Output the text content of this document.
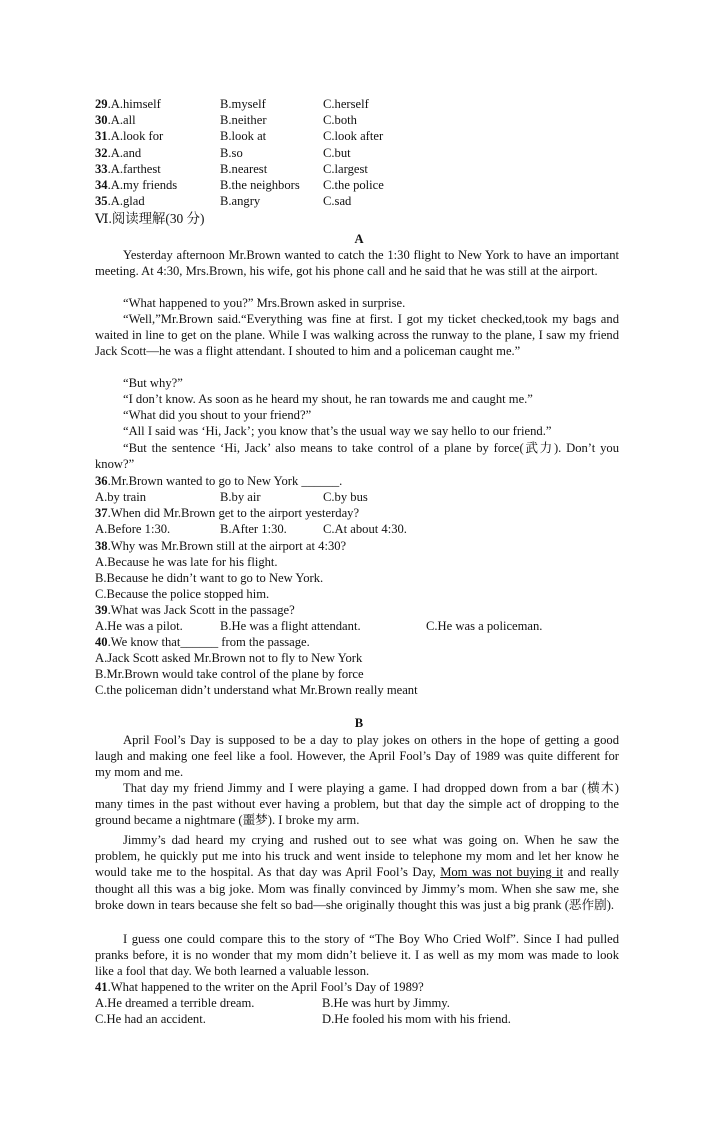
29.A.himself	B.myself	C.herself
30.A.all	B.neither	C.both
31.A.look for	B.look at	C.look after
32.A.and	B.so	C.but
33.A.farthest	B.nearest	C.largest
34.A.my friends	B.the neighbors C.the police
35.A.glad	B.angry	C.sad
Ⅵ.阅读理解(30 分)
A
Yesterday afternoon Mr.Brown wanted to catch the 1:30 flight to New York to have an important meeting. At 4:30, Mrs.Brown, his wife, got his phone call and he said that he was still at the airport.
“What happened to you?” Mrs.Brown asked in surprise.
“Well,”Mr.Brown said.“Everything was fine at first. I got my ticket checked,took my bags and waited in line to get on the plane. While I was walking across the runway to the plane, I saw my friend Jack Scott—he was a flight attendant. I shouted to him and a policeman caught me.”
“But why?”
“I don’t know. As soon as he heard my shout, he ran towards me and caught me.”
“What did you shout to your friend?”
“All I said was ‘Hi, Jack’; you know that’s the usual way we say hello to our friend.”
“But the sentence ‘Hi, Jack’ also means to take control of a plane by force(武力). Don’t you know?”
36.Mr.Brown wanted to go to New York ______.
A.by train	B.by air	C.by bus
37.When did Mr.Brown get to the airport yesterday?
A.Before 1:30.	B.After 1:30.	C.At about 4:30.
38.Why was Mr.Brown still at the airport at 4:30?
A.Because he was late for his flight.
B.Because he didn’t want to go to New York.
C.Because the police stopped him.
39.What was Jack Scott in the passage?
A.He was a pilot.	B.He was a flight attendant.	C.He was a policeman.
40.We know that______ from the passage.
A.Jack Scott asked Mr.Brown not to fly to New York
B.Mr.Brown would take control of the plane by force
C.the policeman didn’t understand what Mr.Brown really meant
B
April Fool’s Day is supposed to be a day to play jokes on others in the hope of getting a good laugh and making one feel like a fool. However, the April Fool’s Day of 1989 was quite different for my mom and me.
That day my friend Jimmy and I were playing a game. I had dropped down from a bar (横木) many times in the past without ever having a problem, but that day the simple act of dropping to the ground became a nightmare (噩梦). I broke my arm.
Jimmy’s dad heard my crying and rushed out to see what was going on. When he saw the problem, he quickly put me into his truck and went inside to telephone my mom and let her know he would take me to the hospital. As that day was April Fool’s Day, Mom was not buying it and really thought all this was a big joke. Mom was finally convinced by Jimmy’s mom. When she saw me, she broke down in tears because she felt so bad—she originally thought this was just a big prank (恶作剧).
I guess one could compare this to the story of “The Boy Who Cried Wolf”. Since I had pulled pranks before, it is no wonder that my mom didn’t believe it. I as well as my mom was made to look like a fool that day. We both learned a valuable lesson.
41.What happened to the writer on the April Fool’s Day of 1989?
A.He dreamed a terrible dream.	B.He was hurt by Jimmy.
C.He had an accident.	D.He fooled his mom with his friend.
